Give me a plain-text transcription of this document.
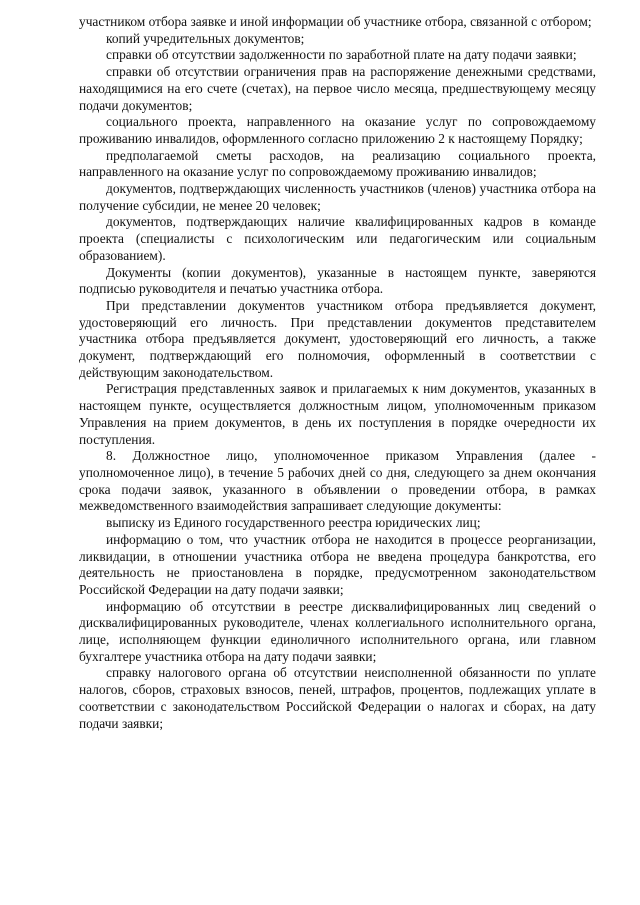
участником отбора заявке и иной информации об участнике отбора, связанной с отбором;

копий учредительных документов;

справки об отсутствии задолженности по заработной плате на дату подачи заявки;

справки об отсутствии ограничения прав на распоряжение денежными средствами, находящимися на его счете (счетах), на первое число месяца, предшествующему месяцу подачи документов;

социального проекта, направленного на оказание услуг по сопровождаемому проживанию инвалидов, оформленного согласно приложению 2 к настоящему Порядку;

предполагаемой сметы расходов, на реализацию социального проекта, направленного на оказание услуг по сопровождаемому проживанию инвалидов;

документов, подтверждающих численность участников (членов) участника отбора на получение субсидии, не менее 20 человек;

документов, подтверждающих наличие квалифицированных кадров в команде проекта (специалисты с психологическим или педагогическим или социальным образованием).

Документы (копии документов), указанные в настоящем пункте, заверяются подписью руководителя и печатью участника отбора.

При представлении документов участником отбора предъявляется документ, удостоверяющий его личность. При представлении документов представителем участника отбора предъявляется документ, удостоверяющий его личность, а также документ, подтверждающий его полномочия, оформленный в соответствии с действующим законодательством.

Регистрация представленных заявок и прилагаемых к ним документов, указанных в настоящем пункте, осуществляется должностным лицом, уполномоченным приказом Управления на прием документов, в день их поступления в порядке очередности их поступления.

8. Должностное лицо, уполномоченное приказом Управления (далее - уполномоченное лицо), в течение 5 рабочих дней со дня, следующего за днем окончания срока подачи заявок, указанного в объявлении о проведении отбора, в рамках межведомственного взаимодействия запрашивает следующие документы:

выписку из Единого государственного реестра юридических лиц;

информацию о том, что участник отбора не находится в процессе реорганизации, ликвидации, в отношении участника отбора не введена процедура банкротства, его деятельность не приостановлена в порядке, предусмотренном законодательством Российской Федерации на дату подачи заявки;

информацию об отсутствии в реестре дисквалифицированных лиц сведений о дисквалифицированных руководителе, членах коллегиального исполнительного органа, лице, исполняющем функции единоличного исполнительного органа, или главном бухгалтере участника отбора на дату подачи заявки;

справку налогового органа об отсутствии неисполненной обязанности по уплате налогов, сборов, страховых взносов, пеней, штрафов, процентов, подлежащих уплате в соответствии с законодательством Российской Федерации о налогах и сборах, на дату подачи заявки;
